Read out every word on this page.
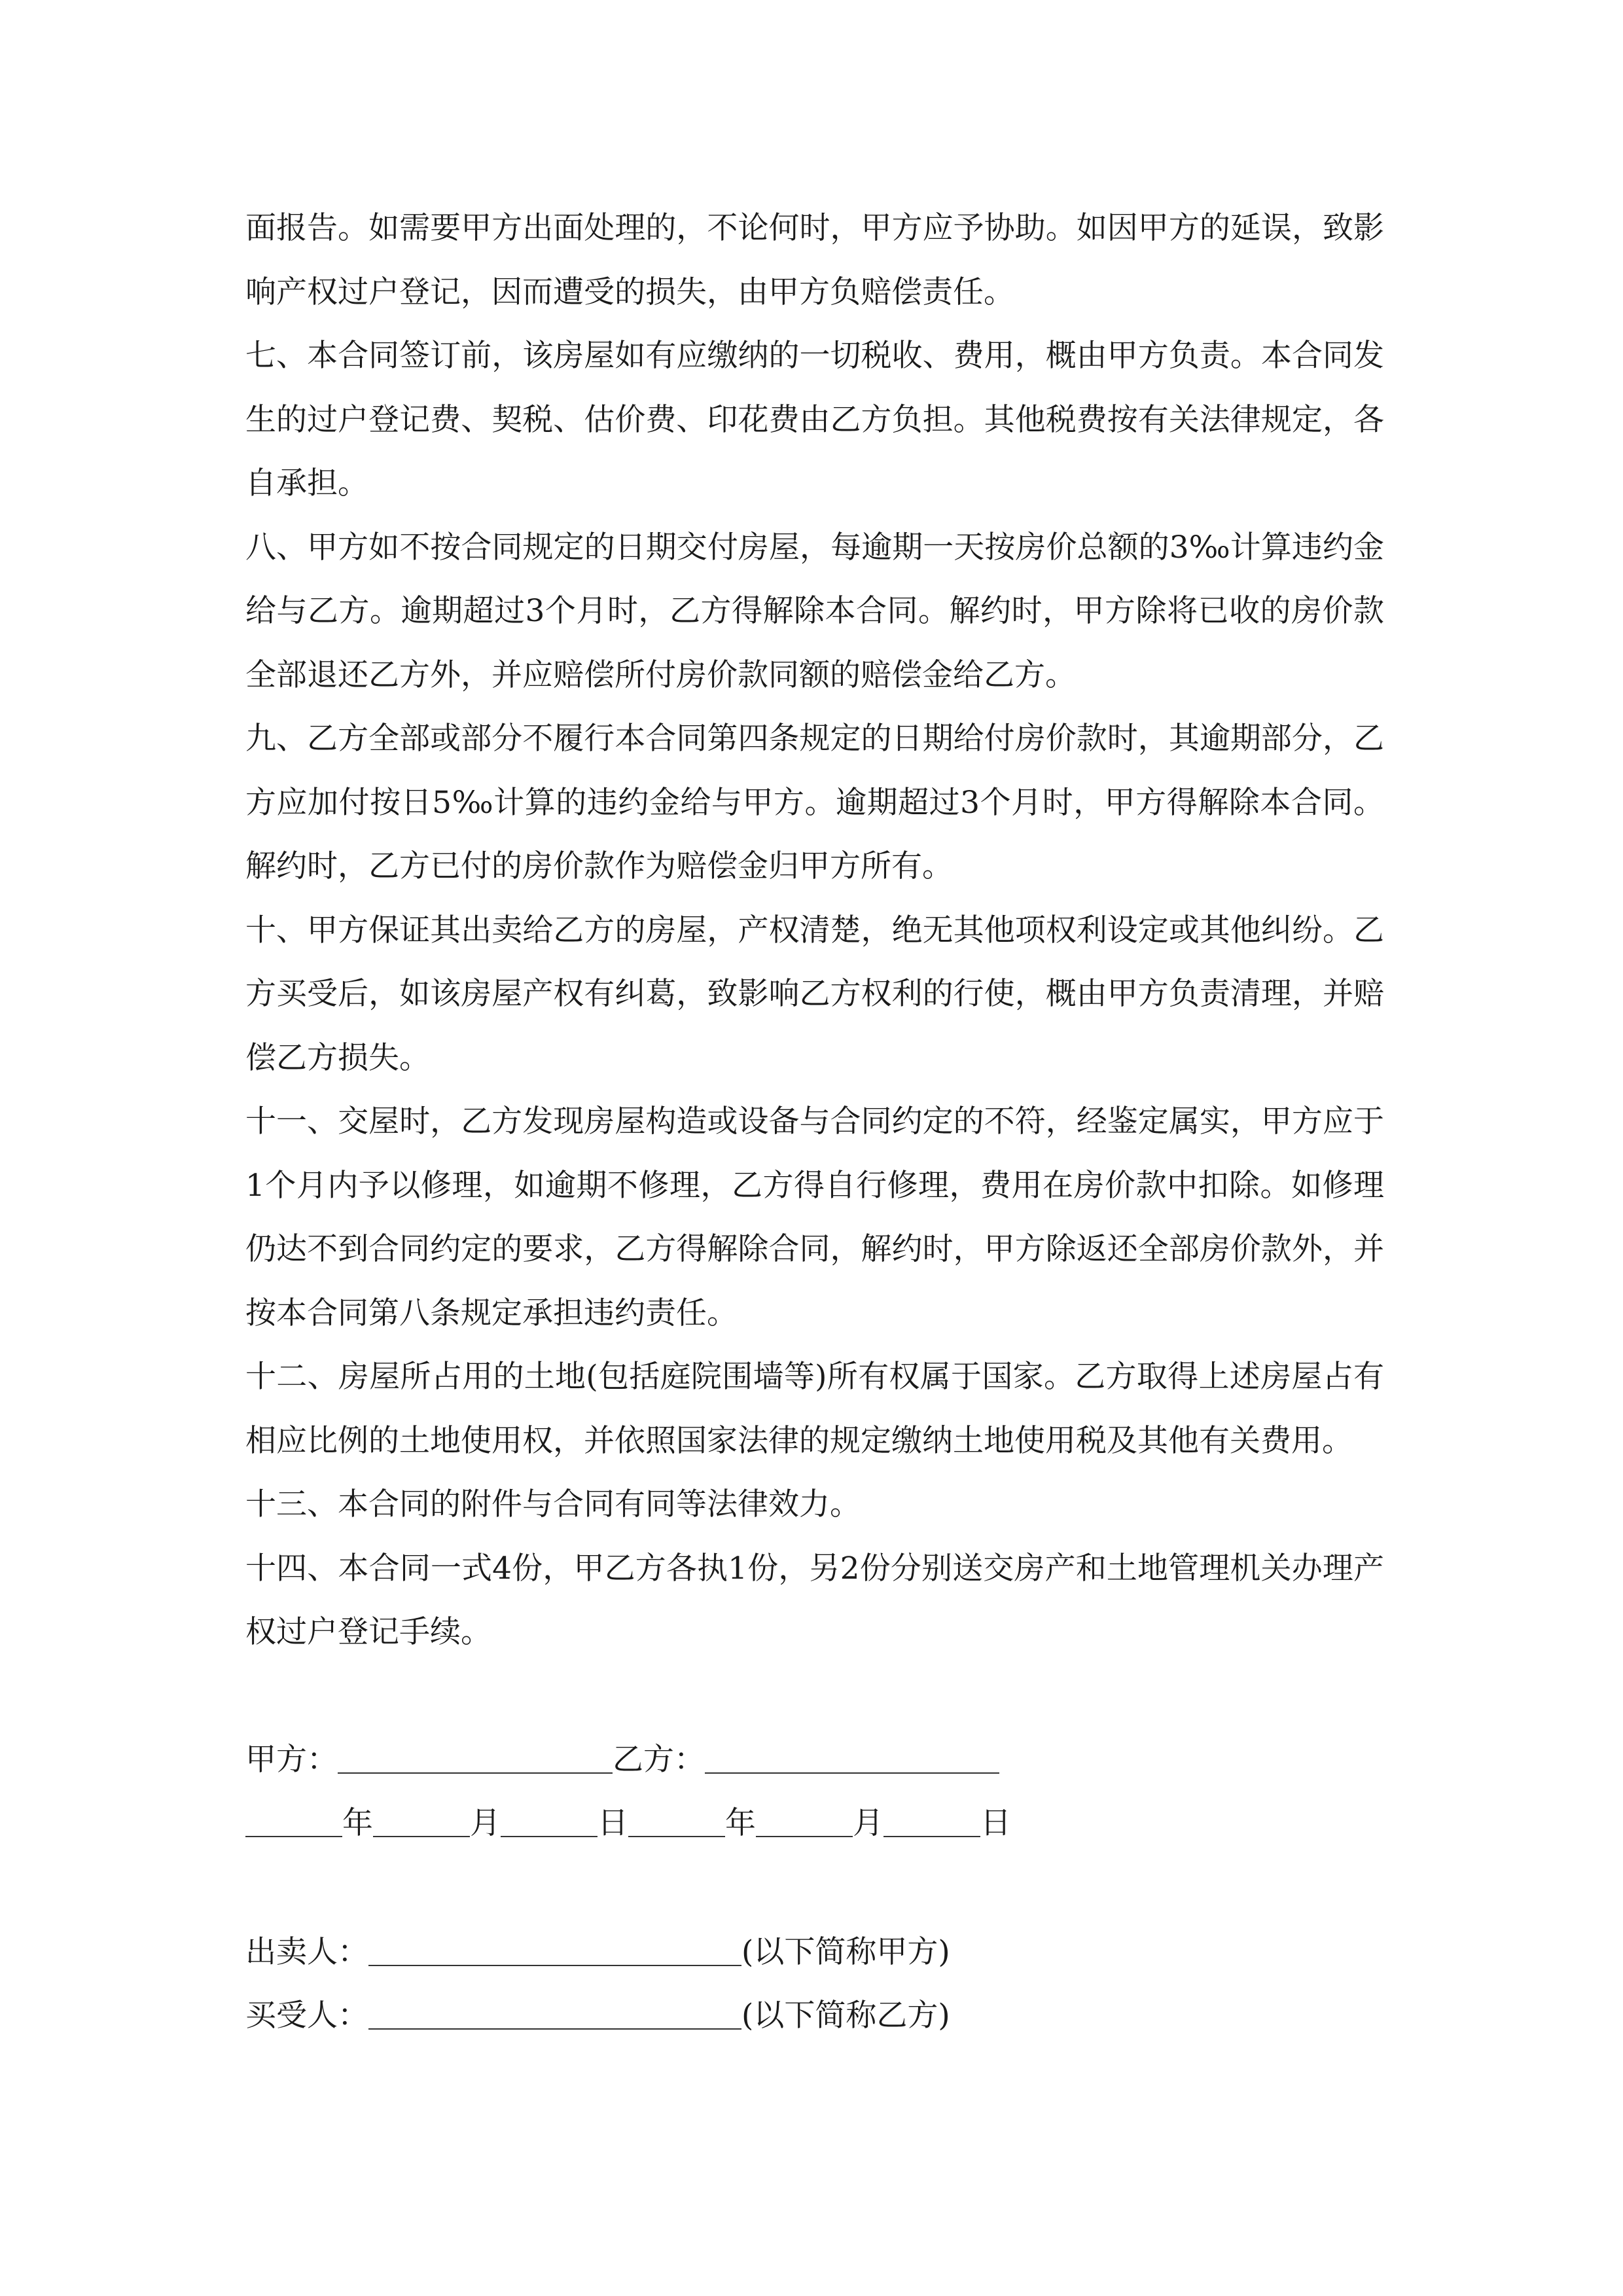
面报告。如需要甲方出面处理的，不论何时，甲方应予协助。如因甲方的延误，致影响产权过户登记，因而遭受的损失，由甲方负赔偿责任。

七、本合同签订前，该房屋如有应缴纳的一切税收、费用，概由甲方负责。本合同发生的过户登记费、契税、估价费、印花费由乙方负担。其他税费按有关法律规定，各自承担。

八、甲方如不按合同规定的日期交付房屋，每逾期一天按房价总额的3‰计算违约金给与乙方。逾期超过3个月时，乙方得解除本合同。解约时，甲方除将已收的房价款全部退还乙方外，并应赔偿所付房价款同额的赔偿金给乙方。

九、乙方全部或部分不履行本合同第四条规定的日期给付房价款时，其逾期部分，乙方应加付按日5‰计算的违约金给与甲方。逾期超过3个月时，甲方得解除本合同。解约时，乙方已付的房价款作为赔偿金归甲方所有。

十、甲方保证其出卖给乙方的房屋，产权清楚，绝无其他项权利设定或其他纠纷。乙方买受后，如该房屋产权有纠葛，致影响乙方权利的行使，概由甲方负责清理，并赔偿乙方损失。

十一、交屋时，乙方发现房屋构造或设备与合同约定的不符，经鉴定属实，甲方应于1个月内予以修理，如逾期不修理，乙方得自行修理，费用在房价款中扣除。如修理仍达不到合同约定的要求，乙方得解除合同，解约时，甲方除返还全部房价款外，并按本合同第八条规定承担违约责任。

十二、房屋所占用的土地(包括庭院围墙等)所有权属于国家。乙方取得上述房屋占有相应比例的土地使用权，并依照国家法律的规定缴纳土地使用税及其他有关费用。

十三、本合同的附件与合同有同等法律效力。

十四、本合同一式4份，甲乙方各执1份，另2份分别送交房产和土地管理机关办理产权过户登记手续。

甲方：	乙方：
年	月	日	年	月	日
出卖人：	(以下简称甲方)
买受人：	(以下简称乙方)
